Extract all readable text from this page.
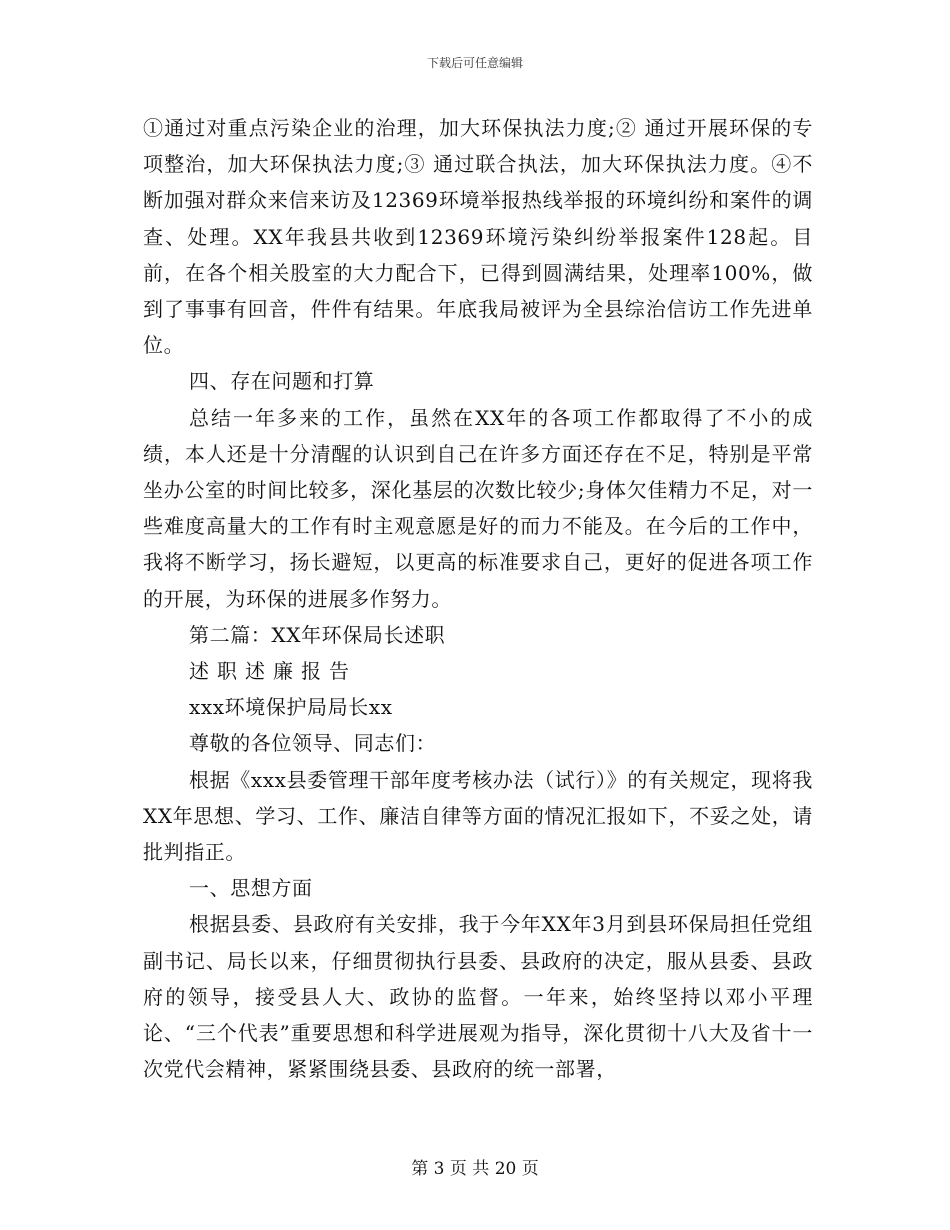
下载后可任意编辑

①通过对重点污染企业的治理，加大环保执法力度;② 通过开展环保的专项整治，加大环保执法力度;③ 通过联合执法，加大环保执法力度。④不断加强对群众来信来访及12369环境举报热线举报的环境纠纷和案件的调查、处理。XX年我县共收到12369环境污染纠纷举报案件128起。目前，在各个相关股室的大力配合下，已得到圆满结果，处理率100%，做到了事事有回音，件件有结果。年底我局被评为全县综治信访工作先进单位。

四、存在问题和打算

总结一年多来的工作，虽然在XX年的各项工作都取得了不小的成绩，本人还是十分清醒的认识到自己在许多方面还存在不足，特别是平常坐办公室的时间比较多，深化基层的次数比较少;身体欠佳精力不足，对一些难度高量大的工作有时主观意愿是好的而力不能及。在今后的工作中，我将不断学习，扬长避短，以更高的标准要求自己，更好的促进各项工作的开展，为环保的进展多作努力。

第二篇：XX年环保局长述职

述职述廉报告

xxx环境保护局局长xx

尊敬的各位领导、同志们：

根据《xxx县委管理干部年度考核办法（试行）》的有关规定，现将我XX年思想、学习、工作、廉洁自律等方面的情况汇报如下，不妥之处，请批判指正。

一、思想方面

根据县委、县政府有关安排，我于今年XX年3月到县环保局担任党组副书记、局长以来，仔细贯彻执行县委、县政府的决定，服从县委、县政府的领导，接受县人大、政协的监督。一年来，始终坚持以邓小平理论、“三个代表”重要思想和科学进展观为指导，深化贯彻十八大及省十一次党代会精神，紧紧围绕县委、县政府的统一部署，

第 3 页 共 20 页
